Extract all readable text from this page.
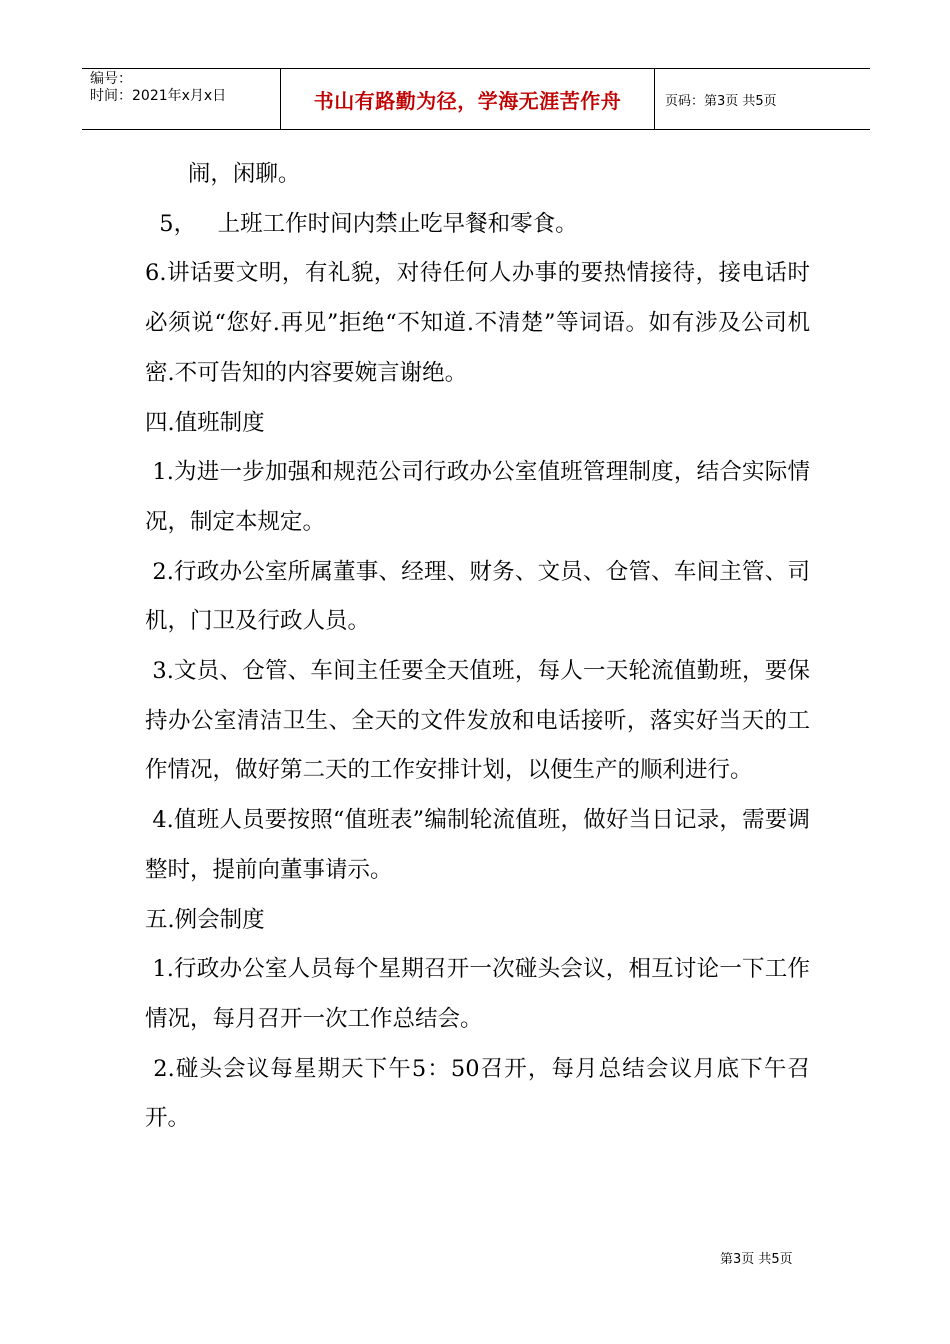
编号：
时间：2021年x月x日	书山有路勤为径，学海无涯苦作舟	页码：第3页 共5页

闹，闲聊。

5，   上班工作时间内禁止吃早餐和零食。

6.讲话要文明，有礼貌，对待任何人办事的要热情接待，接电话时必须说“您好.再见”拒绝“不知道.不清楚”等词语。如有涉及公司机密.不可告知的内容要婉言谢绝。

四.值班制度

1.为进一步加强和规范公司行政办公室值班管理制度，结合实际情况，制定本规定。

2.行政办公室所属董事、经理、财务、文员、仓管、车间主管、司机，门卫及行政人员。

3.文员、仓管、车间主任要全天值班，每人一天轮流值勤班，要保持办公室清洁卫生、全天的文件发放和电话接听，落实好当天的工作情况，做好第二天的工作安排计划，以便生产的顺利进行。

4.值班人员要按照“值班表”编制轮流值班，做好当日记录，需要调整时，提前向董事请示。

五.例会制度

1.行政办公室人员每个星期召开一次碰头会议，相互讨论一下工作情况，每月召开一次工作总结会。

2.碰头会议每星期天下午5：50召开，每月总结会议月底下午召开。

第3页 共5页
